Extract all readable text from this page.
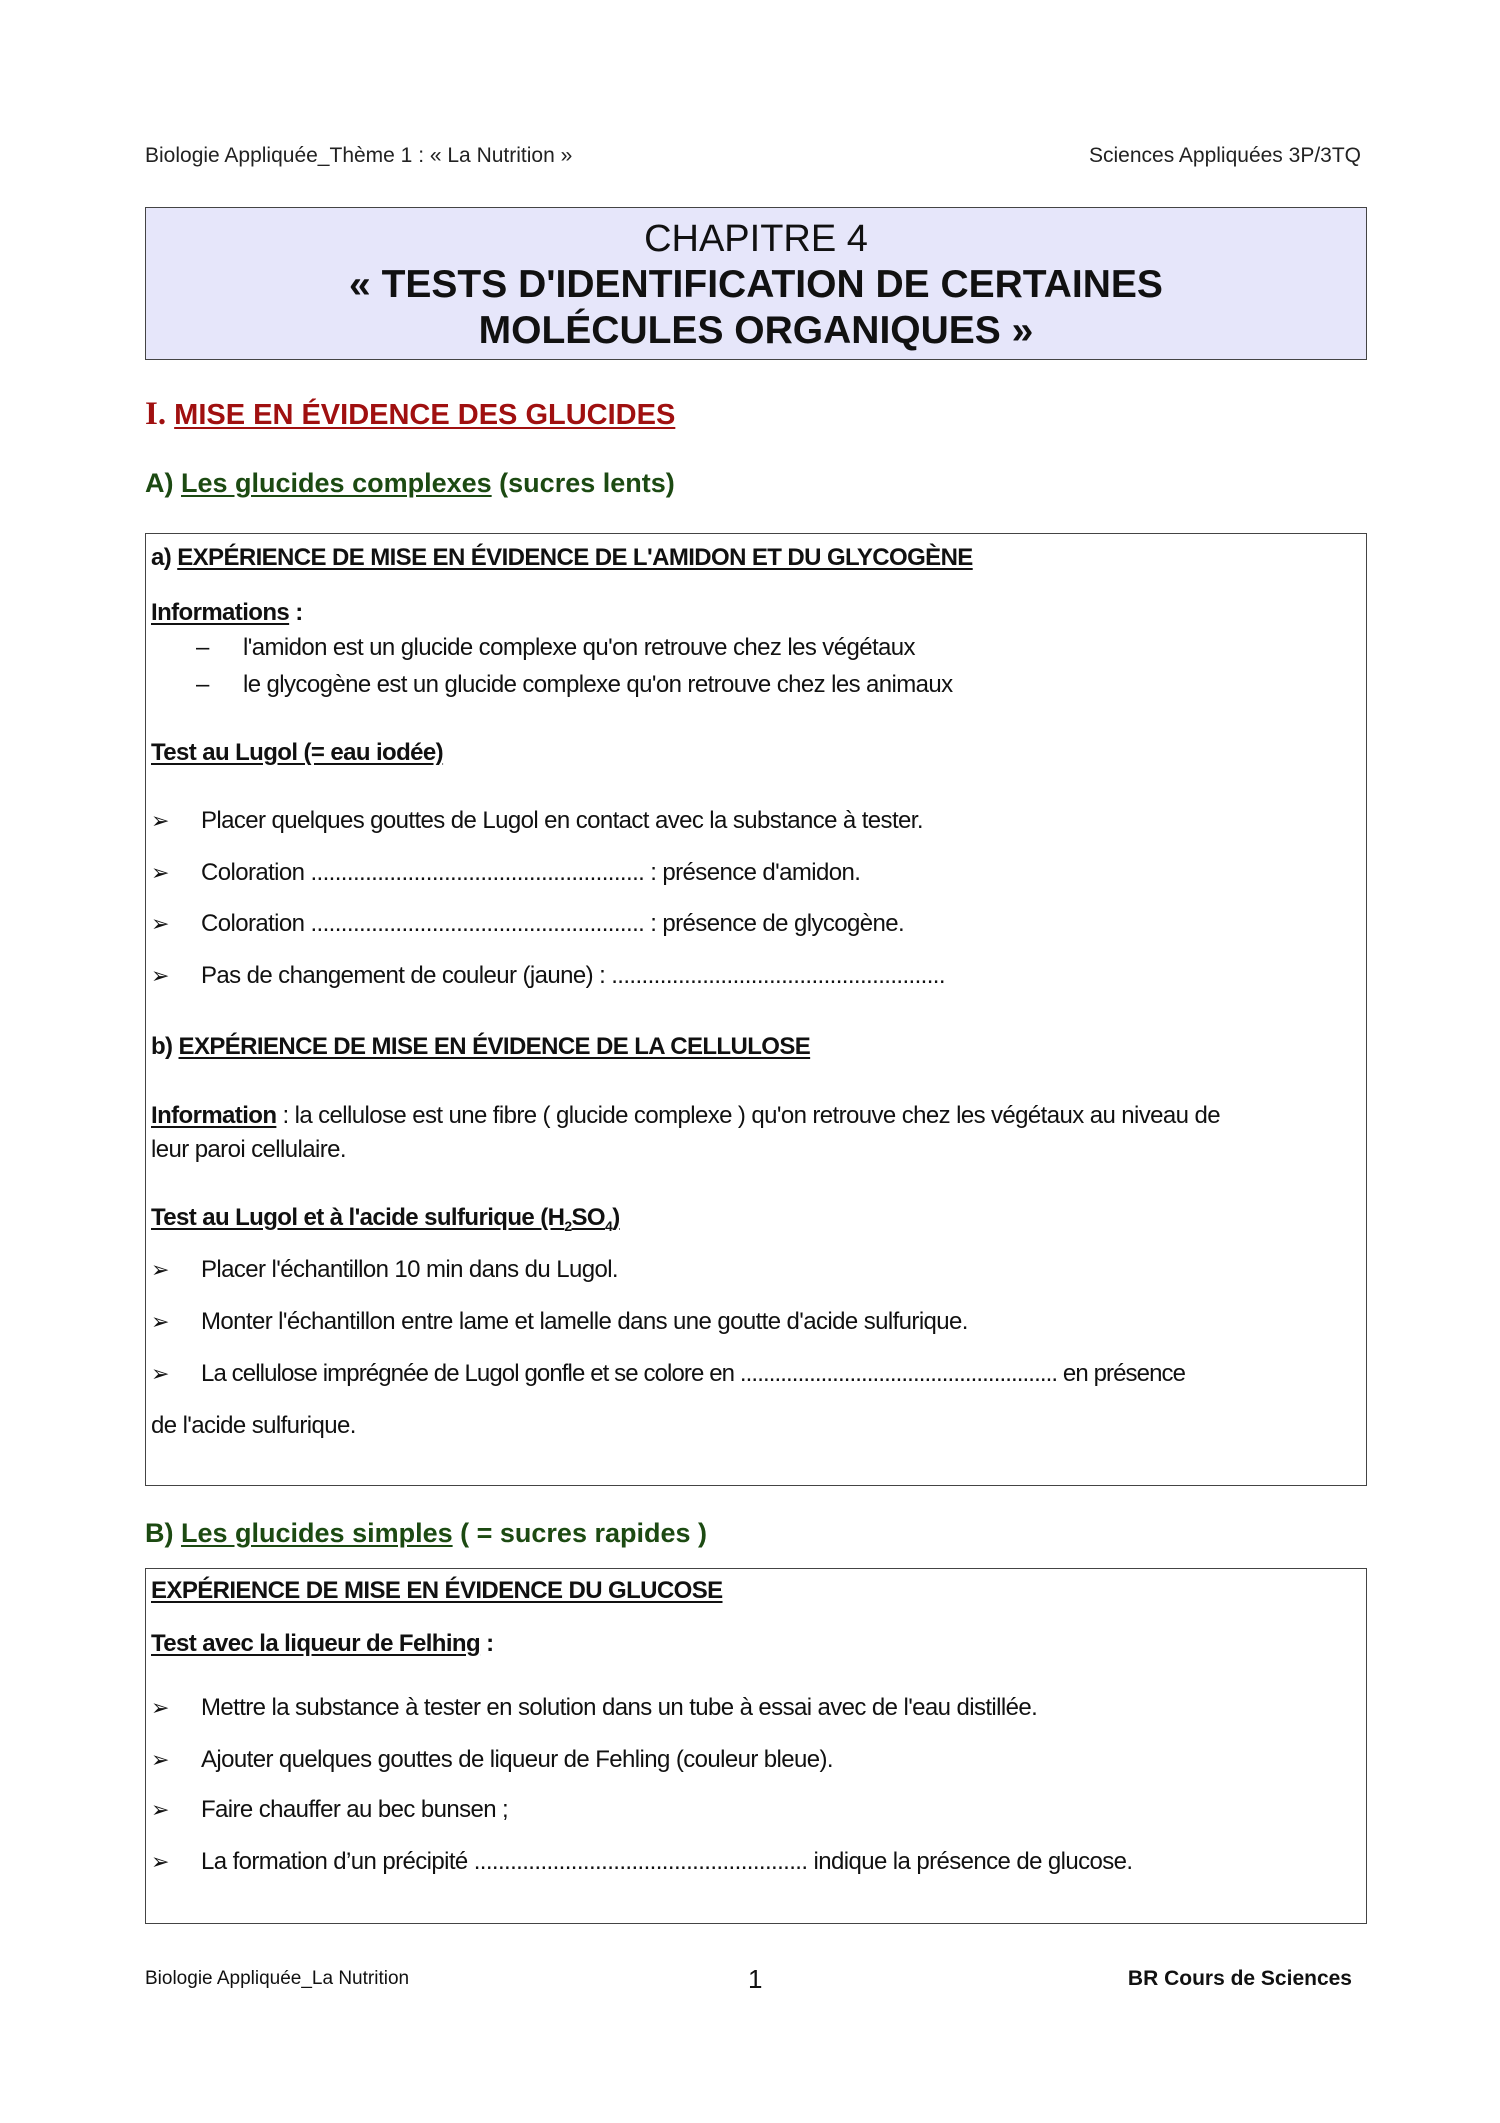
Biologie Appliquée_Thème 1 : « La Nutrition »	Sciences Appliquées 3P/3TQ
CHAPITRE 4
« TESTS D'IDENTIFICATION DE CERTAINES
MOLÉCULES ORGANIQUES »
I. MISE EN ÉVIDENCE DES GLUCIDES
A) Les glucides complexes (sucres lents)
a) EXPÉRIENCE DE MISE EN ÉVIDENCE DE L'AMIDON ET DU GLYCOGÈNE
Informations :
– l'amidon est un glucide complexe qu'on retrouve chez les végétaux
– le glycogène est un glucide complexe qu'on retrouve chez les animaux
Test au Lugol (= eau iodée)
➢ Placer quelques gouttes de Lugol en contact avec la substance à tester.
➢ Coloration ....................................................... : présence d'amidon.
➢ Coloration ....................................................... : présence de glycogène.
➢ Pas de changement de couleur (jaune) : .......................................................
b) EXPÉRIENCE DE MISE EN ÉVIDENCE DE LA CELLULOSE
Information : la cellulose est une fibre ( glucide complexe ) qu'on retrouve chez les végétaux au niveau de
leur paroi cellulaire.
Test au Lugol et à l'acide sulfurique $(H_2SO_4)$
➢ Placer l'échantillon 10 min dans du Lugol.
➢ Monter l'échantillon entre lame et lamelle dans une goutte d'acide sulfurique.
➢ La cellulose imprégnée de Lugol gonfle et se colore en ....................................................... en présence
de l'acide sulfurique.
B) Les glucides simples ( = sucres rapides )
EXPÉRIENCE DE MISE EN ÉVIDENCE DU GLUCOSE
Test avec la liqueur de Felhing :
➢ Mettre la substance à tester en solution dans un tube à essai avec de l'eau distillée.
➢ Ajouter quelques gouttes de liqueur de Fehling (couleur bleue).
➢ Faire chauffer au bec bunsen ;
➢ La formation d’un précipité ....................................................... indique la présence de glucose.
Biologie Appliquée_La Nutrition	1	BR Cours de Sciences
